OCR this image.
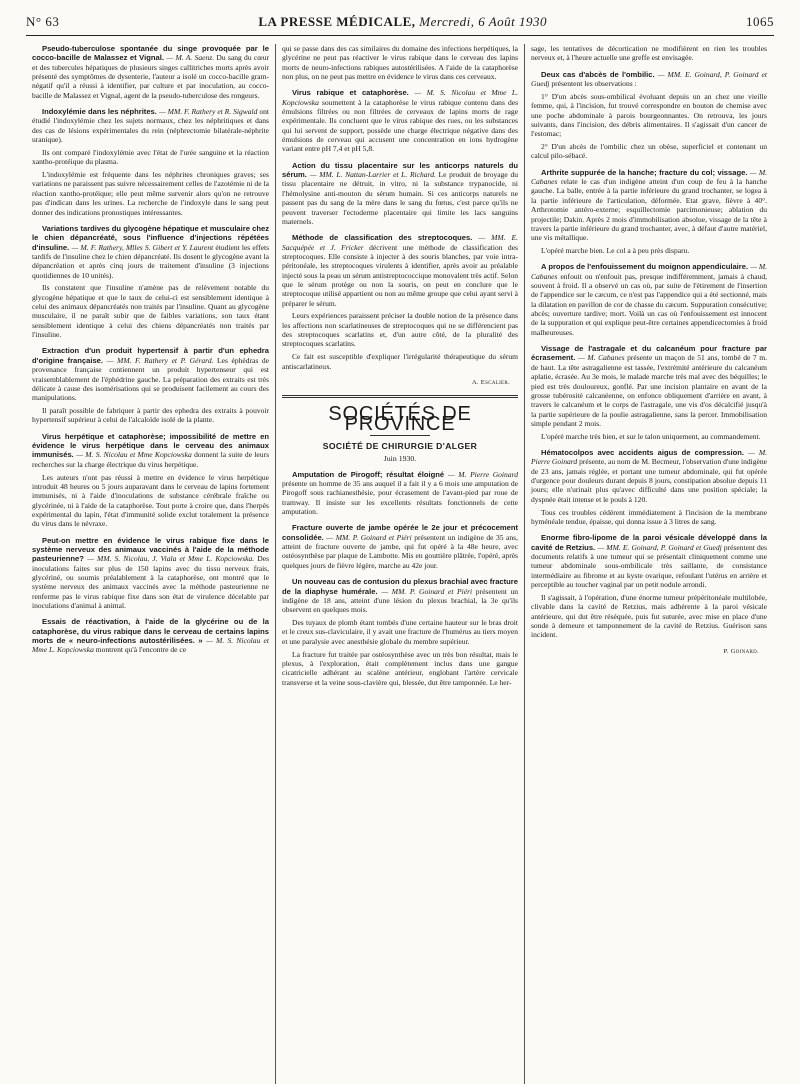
N° 63	LA PRESSE MÉDICALE, Mercredi, 6 Août 1930	1065

Pseudo-tuberculose spontanée du singe provoquée par le cocco-bacille de Malassez et Vignal. — M. A. Saenz. Du sang du cœur et des tubercules hépatiques de plusieurs singes callitriches morts après avoir présenté des symptômes de dysenterie, l'auteur a isolé un cocco-bacille gram-négatif qu'il a réussi à identifier, par culture et par inoculation, au cocco-bacille de Malassez et Vignal, agent de la pseudo-tuberculose des rongeurs.

Indoxylémie dans les néphrites. — MM. F. Rathery et R. Sigwald ont étudié l'indoxylémie chez les sujets normaux, chez les néphritiques et dans des cas de lésions expérimentales du rein (néphrectomie bilatérale-néphrite uranique).

Ils ont comparé l'indoxylémie avec l'état de l'urée sanguine et la réaction xantho-protéique du plasma.

L'indoxylémie est fréquente dans les néphrites chroniques graves; ses variations ne paraissent pas suivre nécessairement celles de l'azotémie ni de la réaction xantho-protéique; elle peut même survenir alors qu'on ne retrouve pas d'indican dans les urines. La recherche de l'indoxyle dans le sang peut donner des indications pronostiques intéressantes.

Variations tardives du glycogène hépatique et musculaire chez le chien dépancréaté, sous l'influence d'injections répétées d'insuline. — M. F. Rathery, Mlles S. Gibert et Y. Laurent étudient les effets tardifs de l'insuline chez le chien dépancréaté. Ils dosent le glycogène avant la dépancréation et après cinq jours de traitement d'insuline (3 injections quotidiennes de 10 unités).

Ils constatent que l'insuline n'amène pas de relèvement notable du glycogène hépatique et que le taux de celui-ci est sensiblement identique à celui des animaux dépancréatés non traités par l'insuline. Quant au glycogène musculaire, il ne paraît subir que de faibles variations, son taux étant sensiblement identique à celui des chiens dépancréatés non traités par l'insuline.

Extraction d'un produit hypertensif à partir d'un ephedra d'origine française. — MM. F. Rathery et P. Gérard. Les éphédras de provenance française contiennent un produit hypertenseur qui est vraisemblablement de l'éphédrine gauche. La préparation des extraits est très délicate à cause des isomérisations qui se produisent facilement au cours des manipulations.

Il paraît possible de fabriquer à partir des ephedra des extraits à pouvoir hypertensif supérieur à celui de l'alcaloïde isolé de la plante.

Virus herpétique et cataphorèse; impossibilité de mettre en évidence le virus herpétique dans le cerveau des animaux immunisés. — M. S. Nicolau et Mme Kopciowska donnent la suite de leurs recherches sur la charge électrique du virus herpétique.

Les auteurs n'ont pas réussi à mettre en évidence le virus herpétique introduit 48 heures ou 5 jours auparavant dans le cerveau de lapins fortement immunisés, ni à l'aide d'inoculations de substance cérébrale fraîche ou glycérinée, ni à l'aide de la cataphorèse. Tout porte à croire que, dans l'herpès expérimental du lapin, l'état d'immunité solide exclut totalement la présence du virus dans le névraxe.

Peut-on mettre en évidence le virus rabique fixe dans le système nerveux des animaux vaccinés à l'aide de la méthode pasteurienne? — MM. S. Nicolau, J. Viala et Mme L. Kopciowska. Des inoculations faites sur plus de 150 lapins avec du tissu nerveux frais, glycériné, ou soumis préalablement à la cataphorèse, ont montré que le système nerveux des animaux vaccinés avec la méthode pasteurienne ne renferme pas le virus rabique fixe dans son état de virulence décelable par inoculations d'animal à animal.

Essais de réactivation, à l'aide de la glycérine ou de la cataphorèse, du virus rabique dans le cerveau de certains lapins morts de « neuro-infections autostérilisées. » — M. S. Nicolau et Mme L. Kopciowska montrent qu'à l'encontre de ce

qui se passe dans des cas similaires du domaine des infections herpétiques, la glycérine ne peut pas réactiver le virus rabique dans le cerveau des lapins morts de neuro-infections rabiques autostérilisées. A l'aide de la cataphorèse non plus, on ne peut pas mettre en évidence le virus dans ces cerveaux.

Virus rabique et cataphorèse. — M. S. Nicolau et Mme L. Kopciowska soumettent à la cataphorèse le virus rabique contenu dans des émulsions filtrées ou non filtrées de cerveaux de lapins morts de rage expérimentale. Ils concluent que le virus rabique des rues, ou les substances qui lui servent de support, possède une charge électrique négative dans des émulsions de cerveau qui accusent une concentration en ions hydrogène variant entre pH 7,4 et pH 5,8.

Action du tissu placentaire sur les anticorps naturels du sérum. — MM. L. Nattan-Larrier et L. Richard. Le produit de broyage du tissu placentaire ne détruit, in vitro, ni la substance trypanocide, ni l'hémolysine anti-mouton du sérum humain. Si ces anticorps naturels ne passent pas du sang de la mère dans le sang du fœtus, c'est parce qu'ils ne peuvent traverser l'ectoderme placentaire qui limite les lacs sanguins maternels.

Méthode de classification des streptocoques. — MM. E. Sacquépée et J. Fricker décrivent une méthode de classification des streptocoques. Elle consiste à injecter à des souris blanches, par voie intra-péritonéale, les streptocoques virulents à identifier, après avoir au préalable injecté sous la peau un sérum antistreptococcique monovalent très actif. Selon que le sérum protège ou non la souris, on peut en conclure que le streptocoque utilisé appartient ou non au même groupe que celui ayant servi à préparer le sérum.

Leurs expériences paraissent préciser la double notion de la présence dans les affections non scarlatineuses de streptocoques qui ne se différencient pas des streptocoques scarlatins et, d'un autre côté, de la pluralité des streptocoques scarlatins.

Ce fait est susceptible d'expliquer l'irrégularité thérapeutique du sérum antiscarlatineux.

A. Escalier.
SOCIÉTÉS DE PROVINCE
SOCIÉTÉ DE CHIRURGIE D'ALGER
Juin 1930.

Amputation de Pirogoff; résultat éloigné — M. Pierre Goinard présente un homme de 35 ans auquel il a fait il y a 6 mois une amputation de Pirogoff sous rachianesthésie, pour écrasement de l'avant-pied par roue de tramway. Il insiste sur les excellents résultats fonctionnels de cette amputation.

Fracture ouverte de jambe opérée le 2e jour et précocement consolidée. — MM. P. Goinard et Piéri présentent un indigène de 35 ans, atteint de fracture ouverte de jambe, qui fut opéré à la 48e heure, avec ostéosynthèse par plaque de Lambotte. Mis en gouttière plâtrée, l'opéré, après quelques jours de fièvre légère, marche au 42e jour.

Un nouveau cas de contusion du plexus brachial avec fracture de la diaphyse humérale. — MM. P. Goinard et Piéri présentent un indigène de 18 ans, atteint d'une lésion du plexus brachial, la 3e qu'ils observent en quelques mois.

Des tuyaux de plomb étant tombés d'une certaine hauteur sur le bras droit et le creux sus-claviculaire, il y avait une fracture de l'humérus au tiers moyen et une paralysie avec anesthésie globale du membre supérieur.

La fracture fut traitée par ostéosynthèse avec un très bon résultat, mais le plexus, à l'exploration, était complètement inclus dans une gangue cicatricielle adhérant au scalène antérieur, englobant l'artère cervicale transverse et la veine sous-clavière qui, blessée, dut être tamponnée. Le her-

sage, les tentatives de décortication ne modifièrent en rien les troubles nerveux et, à l'heure actuelle une greffe est envisagée.

Deux cas d'abcès de l'ombilic. — MM. E. Goinard, P. Goinard et Guedj présentent les observations :

1° D'un abcès sous-ombilical évoluant depuis un an chez une vieille femme, qui, à l'incision, fut trouvé correspondre en bouton de chemise avec une poche abdominale à parois bourgeonnantes. On retrouva, les jours suivants, dans l'incision, des débris alimentaires. Il s'agissait d'un cancer de l'estomac;

2° D'un abcès de l'ombilic chez un obèse, superficiel et contenant un calcul pilo-sébacé.

Arthrite suppurée de la hanche; fracture du col; vissage. — M. Cabanes relate le cas d'un indigène atteint d'un coup de feu à la hanche gauche. La balle, entrée à la partie inférieure du grand trochanter, se logea à la partie inférieure de l'articulation, déformée. Etat grave, fièvre à 40°. Arthrotomie antéro-externe; esquillectomie parcimonieuse; ablation du projectile; Dakin. Après 2 mois d'immobilisation absolue, vissage de la tête à travers la partie inférieure du grand trochanter, avec, à défaut d'autre matériel, une vis métallique.

L'opéré marche bien. Le col a à peu près disparu.

A propos de l'enfouissement du moignon appendiculaire. — M. Cabanes enfouit ou n'enfouit pas, presque indifféremment, jamais à chaud, souvent à froid. Il a observé un cas où, par suite de l'étirement de l'insertion de l'appendice sur le cæcum, ce n'est pas l'appendice qui a été sectionné, mais la dilatation en pavillon de cor de chasse du cæcum. Suppuration consécutive; abcès; ouverture tardive; mort. Voilà un cas où l'enfouissement est innocent de la suppuration et qui explique peut-être certaines appendicectomies à froid malheureuses.

Vissage de l'astragale et du calcanéum pour fracture par écrasement. — M. Cabanes présente un maçon de 51 ans, tombé de 7 m. de haut. La tête astragalienne est tassée, l'extrémité antérieure du calcanéum aplatie, écrasée. Au 3e mois, le malade marche très mal avec des béquilles; le pied est très douloureux, gonflé. Par une incision plantaire en avant de la grosse tubérosité calcanéenne, on enfonce obliquement d'arrière en avant, à travers le calcanéum et le corps de l'astragale, une vis d'os décalcifié jusqu'à la partie supérieure de la poulie astragalienne, sans la percer. Immobilisation simple pendant 2 mois.

L'opéré marche très bien, et sur le talon uniquement, au commandement.

Hématocolpos avec accidents aigus de compression. — M. Pierre Goinard présente, au nom de M. Becmeur, l'observation d'une indigène de 23 ans, jamais réglée, et portant une tumeur abdominale, qui fut opérée d'urgence pour douleurs durant depuis 8 jours, constipation absolue depuis 11 jours; elle n'urinait plus qu'avec difficulté dans une position spéciale; la dyspnée était intense et le pouls à 120.

Tous ces troubles cédèrent immédiatement à l'incision de la membrane hyménéale tendue, épaisse, qui donna issue à 3 litres de sang.

Enorme fibro-lipome de la paroi vésicale développé dans la cavité de Retzius. — MM. E. Goinard, P. Goinard et Guedj présentent des documents relatifs à une tumeur qui se présentait cliniquement comme une tumeur abdominale sous-ombilicale très saillante, de consistance intermédiaire au fibrome et au kyste ovarique, refoulant l'utérus en arrière et perceptible au toucher vaginal par un petit nodule arrondi.

Il s'agissait, à l'opération, d'une énorme tumeur prépéritonéale multilobée, clivable dans la cavité de Retzius, mais adhérente à la paroi vésicale antérieure, qui dut être réséquée, puis fut suturée, avec mise en place d'une sonde à demeure et tamponnement de la cavité de Retzius. Guérison sans incident.

P. Goinard.
